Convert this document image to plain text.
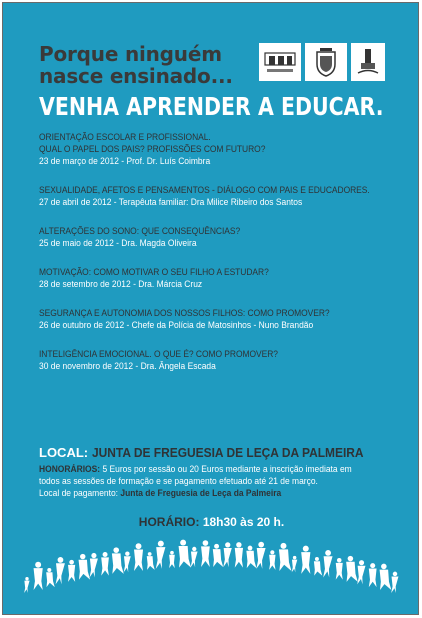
Porque ninguém
nasce ensinado...
VENHA APRENDER A EDUCAR.
ORIENTAÇÃO ESCOLAR E PROFISSIONAL.
QUAL O PAPEL DOS PAIS? PROFISSÕES COM FUTURO?
23 de março de 2012 - Prof. Dr. Luís Coimbra
SEXUALIDADE, AFETOS E PENSAMENTOS - DIÁLOGO COM PAIS E EDUCADORES.
27 de abril de 2012 - Terapêuta familiar: Dra Milice Ribeiro dos Santos
ALTERAÇÕES DO SONO: QUE CONSEQUÊNCIAS?
25 de maio de 2012 - Dra. Magda Oliveira
MOTIVAÇÃO: COMO MOTIVAR O SEU FILHO A ESTUDAR?
28 de setembro de 2012 - Dra. Márcia Cruz
SEGURANÇA E AUTONOMIA DOS NOSSOS FILHOS: COMO PROMOVER?
26 de outubro de 2012 - Chefe da Polícia de Matosinhos - Nuno Brandão
INTELIGÊNCIA EMOCIONAL. O QUE É? COMO PROMOVER?
30 de novembro de 2012 - Dra. Ângela Escada
LOCAL: JUNTA DE FREGUESIA DE LEÇA DA PALMEIRA
HONORÁRIOS: 5 Euros por sessão ou 20 Euros mediante a inscrição imediata em todos as sessões de formação e se pagamento efetuado até 21 de março.
Local de pagamento: Junta de Freguesia de Leça da Palmeira
HORÁRIO: 18h30 às 20 h.
